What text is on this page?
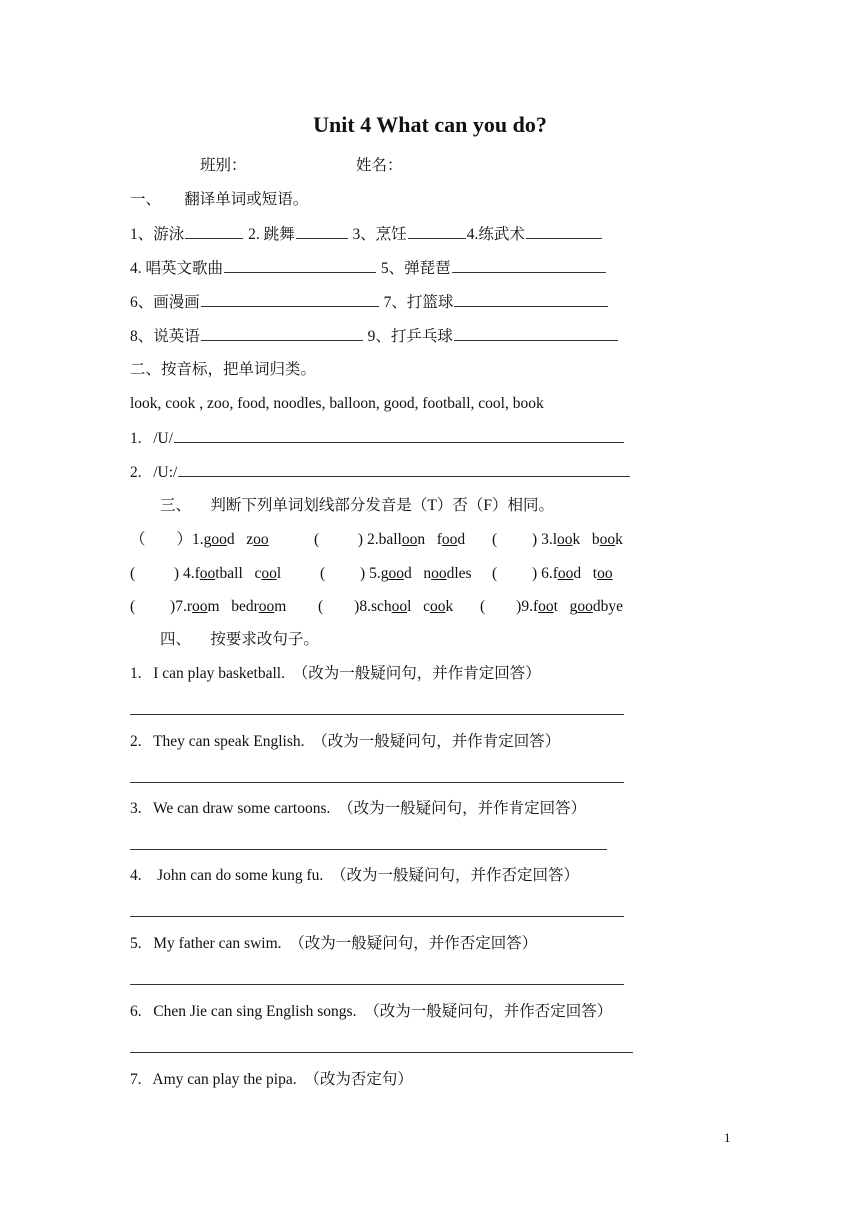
Unit 4 What can you do?
班别：	姓名：
一、 翻译单词或短语。
1、游泳	2. 跳舞	3、烹饪	4.练武术
4. 唱英文歌曲	5、弹琵琶
6、画漫画	7、打篮球
8、说英语	9、打乒乓球
二、按音标，把单词归类。
look, cook , zoo, food, noodles, balloon, good, football, cool, book
1.   /U/
2.   /U:/
三、 判断下列单词划线部分发音是（T）否（F）相同。
（        ）1.good zoo	(          ) 2.balloon food (         ) 3.look book
(          ) 4.football cool	(         ) 5.good noodles (         ) 6.food too
(         )7.room bedroom (        )8.school cook (        )9.foot goodbye
四、 按要求改句子。
1. I can play basketball. （改为一般疑问句，并作肯定回答）
2. They can speak English. （改为一般疑问句，并作肯定回答）
3. We can draw some cartoons. （改为一般疑问句，并作肯定回答）
4. John can do some kung fu. （改为一般疑问句，并作否定回答）
5. My father can swim. （改为一般疑问句，并作否定回答）
6. Chen Jie can sing English songs. （改为一般疑问句，并作否定回答）
7. Amy can play the pipa. （改为否定句）
1
